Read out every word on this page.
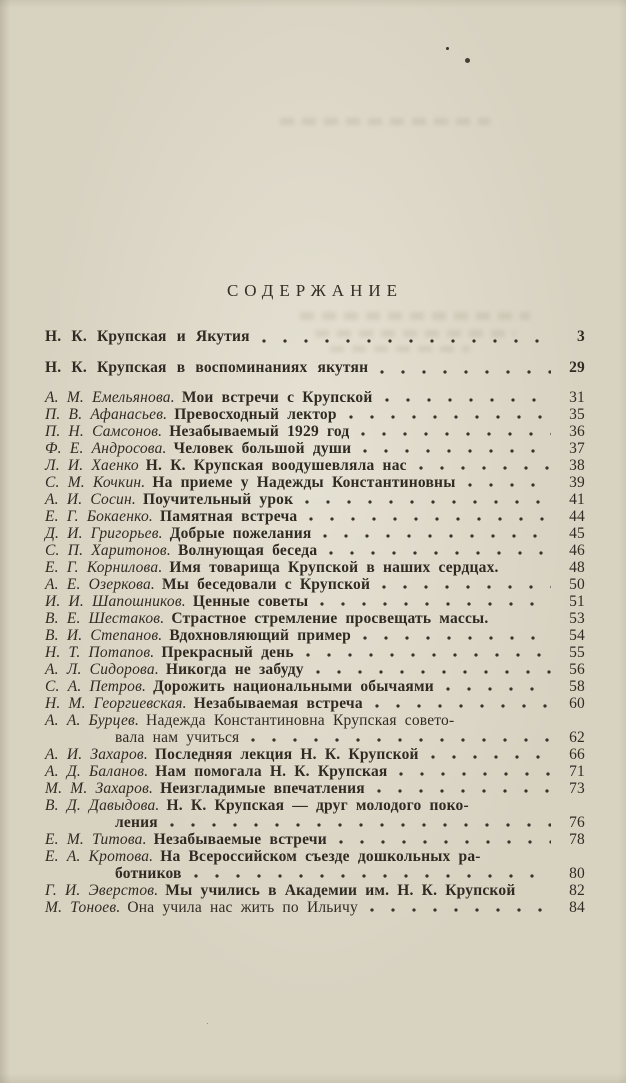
СОДЕРЖАНИЕ
Н. К. Крупская и Якутия	3
Н. К. Крупская в воспоминаниях якутян	29
А. М. Емельянова. Мои встречи с Крупской	31
П. В. Афанасьев. Превосходный лектор	35
П. Н. Самсонов. Незабываемый 1929 год	36
Ф. Е. Андросова. Человек большой души	37
Л. И. Хаенко Н. К. Крупская воодушевляла нас	38
С. М. Кочкин. На приеме у Надежды Константиновны	39
А. И. Сосин. Поучительный урок	41
Е. Г. Бокаенко. Памятная встреча	44
Д. И. Григорьев. Добрые пожелания	45
С. П. Харитонов. Волнующая беседа	46
Е. Г. Корнилова. Имя товарища Крупской в наших сердцах.	48
А. Е. Озеркова. Мы беседовали с Крупской	50
И. И. Шапошников. Ценные советы	51
В. Е. Шестаков. Страстное стремление просвещать массы.	53
В. И. Степанов. Вдохновляющий пример	54
Н. Т. Потапов. Прекрасный день	55
А. Л. Сидорова. Никогда не забуду	56
С. А. Петров. Дорожить национальными обычаями	58
Н. М. Георгиевская. Незабываемая встреча	60
А. А. Бурцев. Надежда Константиновна Крупская совето-
вала нам учиться	62
А. И. Захаров. Последняя лекция Н. К. Крупской	66
А. Д. Баланов. Нам помогала Н. К. Крупская	71
М. М. Захаров. Неизгладимые впечатления	73
В. Д. Давыдова. Н. К. Крупская — друг молодого поко-
ления	76
Е. М. Титова. Незабываемые встречи	78
Е. А. Кротова. На Всероссийском съезде дошкольных ра-
ботников	80
Г. И. Эверстов. Мы учились в Академии им. Н. К. Крупской	82
М. Тоноев. Она учила нас жить по Ильичу	84
